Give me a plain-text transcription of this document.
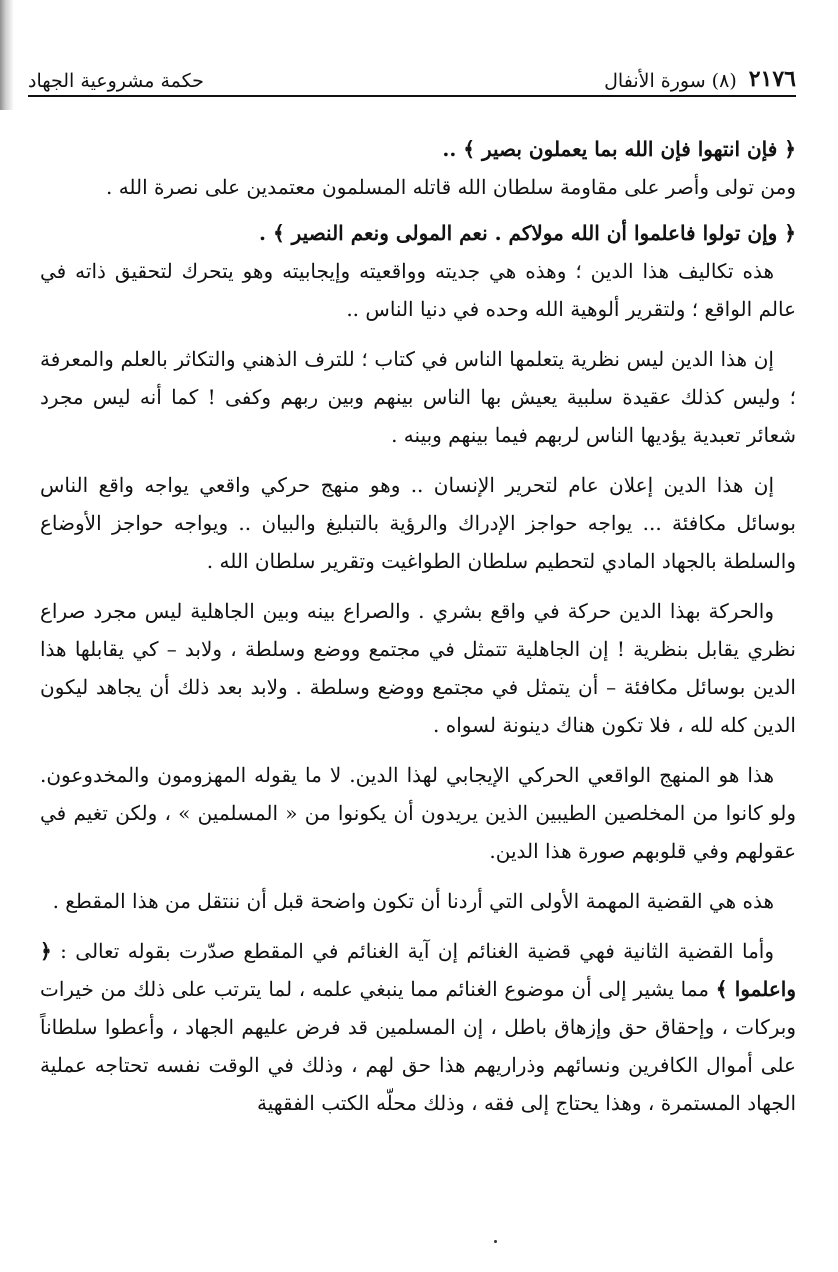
٢١٧٦
(٨) سورة الأنفال
حكمة مشروعية الجهاد

﴿ فإن انتهوا فإن الله بما يعملون بصير ﴾ ..

ومن تولى وأصر على مقاومة سلطان الله قاتله المسلمون معتمدين على نصرة الله .

﴿ وإن تولوا فاعلموا أن الله مولاكم . نعم المولى ونعم النصير ﴾ .

هذه تكاليف هذا الدين ؛ وهذه هي جديته وواقعيته وإيجابيته وهو يتحرك لتحقيق ذاته في عالم الواقع ؛ ولتقرير ألوهية الله وحده في دنيا الناس ..

إن هذا الدين ليس نظرية يتعلمها الناس في كتاب ؛ للترف الذهني والتكاثر بالعلم والمعرفة ؛ وليس كذلك عقيدة سلبية يعيش بها الناس بينهم وبين ربهم وكفى ! كما أنه ليس مجرد شعائر تعبدية يؤديها الناس لربهم فيما بينهم وبينه .

إن هذا الدين إعلان عام لتحرير الإنسان .. وهو منهج حركي واقعي يواجه واقع الناس بوسائل مكافئة ... يواجه حواجز الإدراك والرؤية بالتبليغ والبيان .. ويواجه حواجز الأوضاع والسلطة بالجهاد المادي لتحطيم سلطان الطواغيت وتقرير سلطان الله .

والحركة بهذا الدين حركة في واقع بشري . والصراع بينه وبين الجاهلية ليس مجرد صراع نظري يقابل بنظرية ! إن الجاهلية تتمثل في مجتمع ووضع وسلطة ، ولابد – كي يقابلها هذا الدين بوسائل مكافئة – أن يتمثل في مجتمع ووضع وسلطة . ولابد بعد ذلك أن يجاهد ليكون الدين كله لله ، فلا تكون هناك دينونة لسواه .

هذا هو المنهج الواقعي الحركي الإيجابي لهذا الدين. لا ما يقوله المهزومون والمخدوعون. ولو كانوا من المخلصين الطيبين الذين يريدون أن يكونوا من « المسلمين » ، ولكن تغيم في عقولهم وفي قلوبهم صورة هذا الدين.

هذه هي القضية المهمة الأولى التي أردنا أن تكون واضحة قبل أن ننتقل من هذا المقطع .

وأما القضية الثانية فهي قضية الغنائم إن آية الغنائم في المقطع صدّرت بقوله تعالى : ﴿ واعلموا ﴾ مما يشير إلى أن موضوع الغنائم مما ينبغي علمه ، لما يترتب على ذلك من خيرات وبركات ، وإحقاق حق وإزهاق باطل ، إن المسلمين قد فرض عليهم الجهاد ، وأعطوا سلطاناً على أموال الكافرين ونسائهم وذراريهم هذا حق لهم ، وذلك في الوقت نفسه تحتاجه عملية الجهاد المستمرة ، وهذا يحتاج إلى فقه ، وذلك محلّه الكتب الفقهية
